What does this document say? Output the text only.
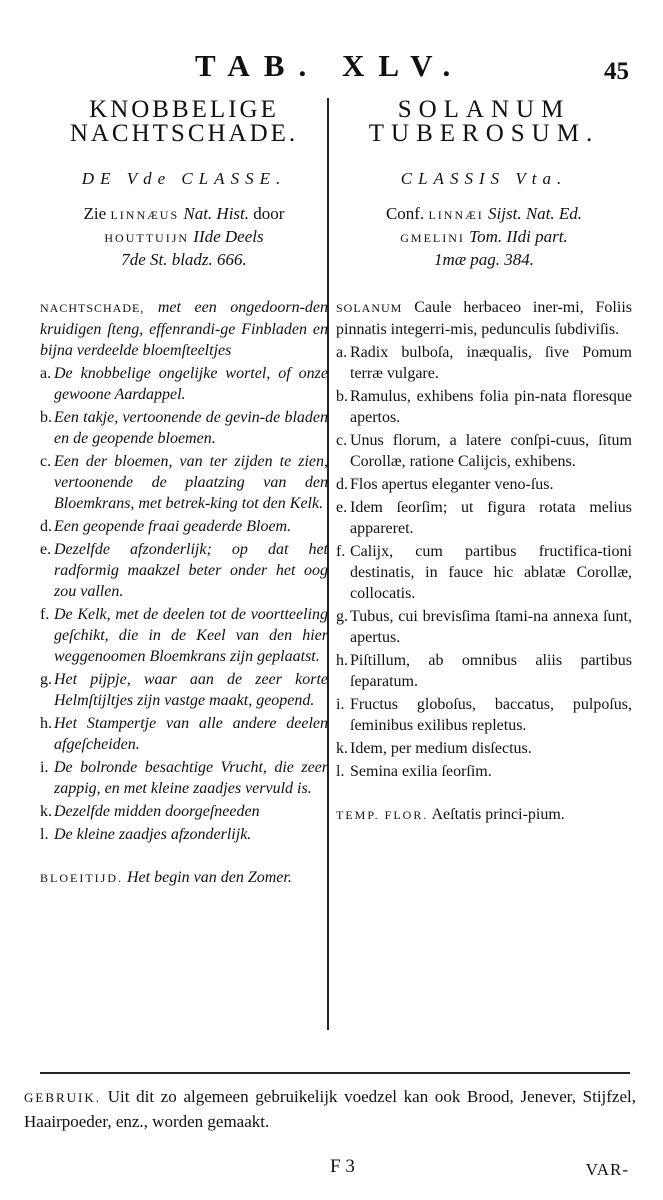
TAB. XLV.	45

KNOBBELIGE

NACHTSCHADE.

DE Vde CLASSE.
Zie LINNÆUS Nat. Hist. door
HOUTTUIJN IIde Deels
7de St. bladz. 666.
NACHTSCHADE, met een ongedoorn-den kruidigen ſteng, effenrandi-ge Finbladen en bijna verdeelde bloemſteeltjes
a. De knobbelige ongelijke wortel, of onze gewoone Aardappel.
b. Een takje, vertoonende de gevin-de bladen en de geopende bloemen.
c. Een der bloemen, van ter zijden te zien, vertoonende de plaatzing van den Bloemkrans, met betrek-king tot den Kelk.
d. Een geopende fraai geaderde Bloem.
e. Dezelfde afzonderlijk; op dat het radformig maakzel beter onder het oog zou vallen.
f. De Kelk, met de deelen tot de voortteeling geſchikt, die in de Keel van den hier weggenoomen Bloemkrans zijn geplaatst.
g. Het pijpje, waar aan de zeer korte Helmſtijltjes zijn vastge maakt, geopend.
h. Het Stampertje van alle andere deelen afgeſcheiden.
i. De bolronde besachtige Vrucht, die zeer zappig, en met kleine zaadjes vervuld is.
k. Dezelfde midden doorgeſneeden
l. De kleine zaadjes afzonderlijk.
BLOEITIJD. Het begin van den Zomer.

SOLANUM

TUBEROSUM.

CLASSIS Vta.
Conf. LINNÆI Sijst. Nat. Ed.
GMELINI Tom. IIdi part.
1mæ pag. 384.
SOLANUM Caule herbaceo iner-mi, Foliis pinnatis integerri-mis, pedunculis ſubdiviſis.
a. Radix bulboſa, inæqualis, ſive Pomum terræ vulgare.
b. Ramulus, exhibens folia pin-nata floresque apertos.
c. Unus florum, a latere conſpi-cuus, ſitum Corollæ, ratione Calijcis, exhibens.
d. Flos apertus eleganter veno-ſus.
e. Idem ſeorſim; ut figura rotata melius appareret.
f. Calijx, cum partibus fructifica-tioni destinatis, in fauce hic ablatæ Corollæ, collocatis.
g. Tubus, cui brevisſima ſtami-na annexa ſunt, apertus.
h. Piſtillum, ab omnibus aliis partibus ſeparatum.
i. Fructus globoſus, baccatus, pulpoſus, ſeminibus exilibus repletus.
k. Idem, per medium disſectus.
l. Semina exilia ſeorſim.
TEMP. FLOR. Aeſtatis princi-pium.
GEBRUIK. Uit dit zo algemeen gebruikelijk voedzel kan ook Brood, Jenever, Stijfzel, Haairpoeder, enz., worden gemaakt.
F 3	VAR-
